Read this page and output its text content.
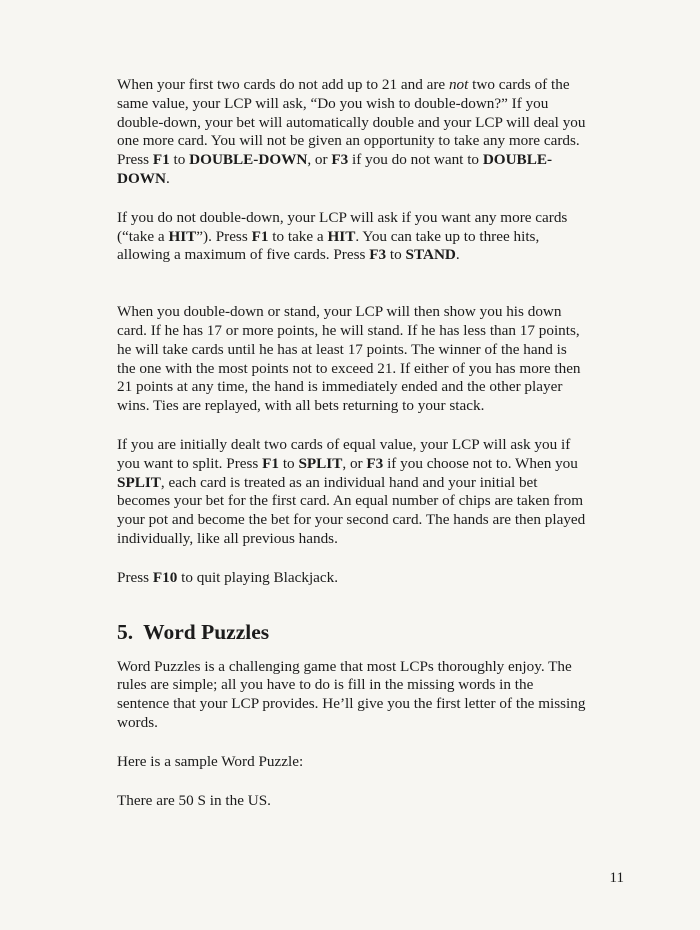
When your first two cards do not add up to 21 and are not two cards of the same value, your LCP will ask, “Do you wish to double-down?” If you double-down, your bet will automatically double and your LCP will deal you one more card. You will not be given an opportunity to take any more cards. Press F1 to DOUBLE-DOWN, or F3 if you do not want to DOUBLE-DOWN.

If you do not double-down, your LCP will ask if you want any more cards (“take a HIT”). Press F1 to take a HIT. You can take up to three hits, allowing a maximum of five cards. Press F3 to STAND.

When you double-down or stand, your LCP will then show you his down card. If he has 17 or more points, he will stand. If he has less than 17 points, he will take cards until he has at least 17 points. The winner of the hand is the one with the most points not to exceed 21. If either of you has more then 21 points at any time, the hand is immediately ended and the other player wins. Ties are replayed, with all bets returning to your stack.

If you are initially dealt two cards of equal value, your LCP will ask you if you want to split. Press F1 to SPLIT, or F3 if you choose not to. When you SPLIT, each card is treated as an individual hand and your initial bet becomes your bet for the first card. An equal number of chips are taken from your pot and become the bet for your second card. The hands are then played individually, like all previous hands.

Press F10 to quit playing Blackjack.

5. Word Puzzles

Word Puzzles is a challenging game that most LCPs thoroughly enjoy. The rules are simple; all you have to do is fill in the missing words in the sentence that your LCP provides. He’ll give you the first letter of the missing words.

Here is a sample Word Puzzle:

There are 50 S in the US.

11
